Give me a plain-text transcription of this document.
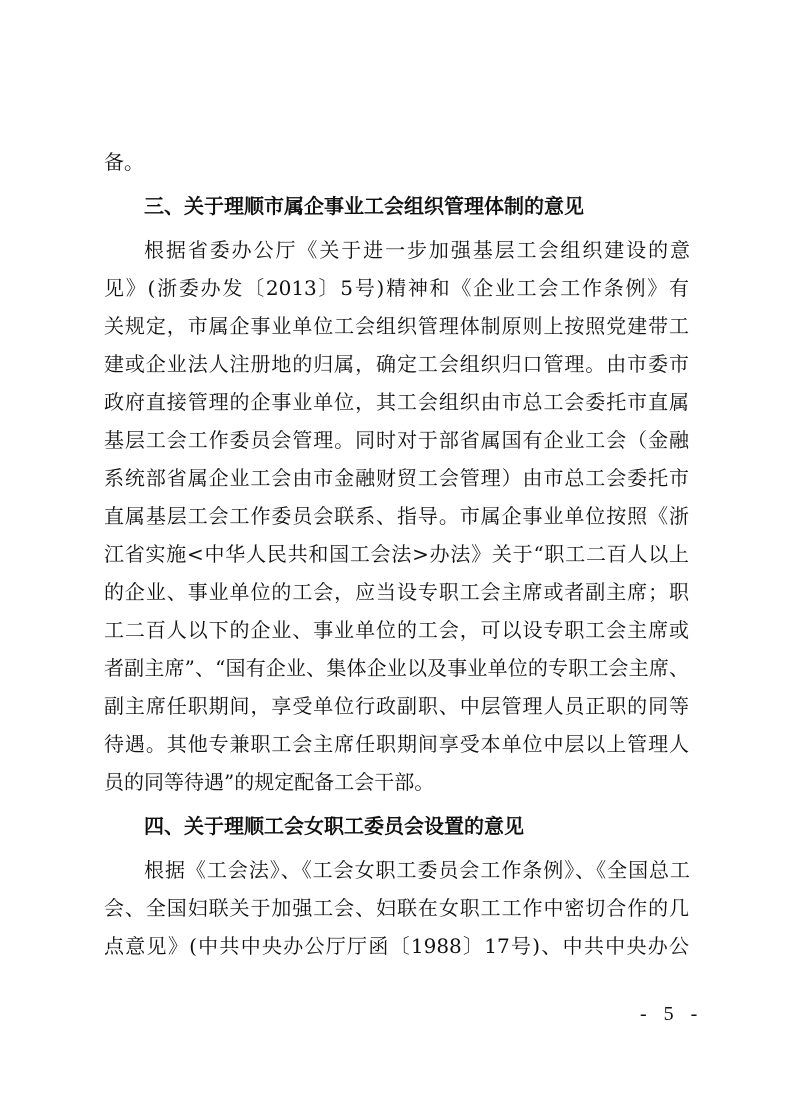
备。
三、关于理顺市属企事业工会组织管理体制的意见
根据省委办公厅《关于进一步加强基层工会组织建设的意
见》(浙委办发〔2013〕5号)精神和《企业工会工作条例》有
关规定，市属企事业单位工会组织管理体制原则上按照党建带工
建或企业法人注册地的归属，确定工会组织归口管理。由市委市
政府直接管理的企事业单位，其工会组织由市总工会委托市直属
基层工会工作委员会管理。同时对于部省属国有企业工会（金融
系统部省属企业工会由市金融财贸工会管理）由市总工会委托市
直属基层工会工作委员会联系、指导。市属企事业单位按照《浙
江省实施<中华人民共和国工会法>办法》关于“职工二百人以上
的企业、事业单位的工会，应当设专职工会主席或者副主席；职
工二百人以下的企业、事业单位的工会，可以设专职工会主席或
者副主席”、“国有企业、集体企业以及事业单位的专职工会主席、
副主席任职期间，享受单位行政副职、中层管理人员正职的同等
待遇。其他专兼职工会主席任职期间享受本单位中层以上管理人
员的同等待遇”的规定配备工会干部。
四、关于理顺工会女职工委员会设置的意见
根据《工会法》、《工会女职工委员会工作条例》、《全国总工
会、全国妇联关于加强工会、妇联在女职工工作中密切合作的几
点意见》(中共中央办公厅厅函〔1988〕17号)、中共中央办公
- 5 -
